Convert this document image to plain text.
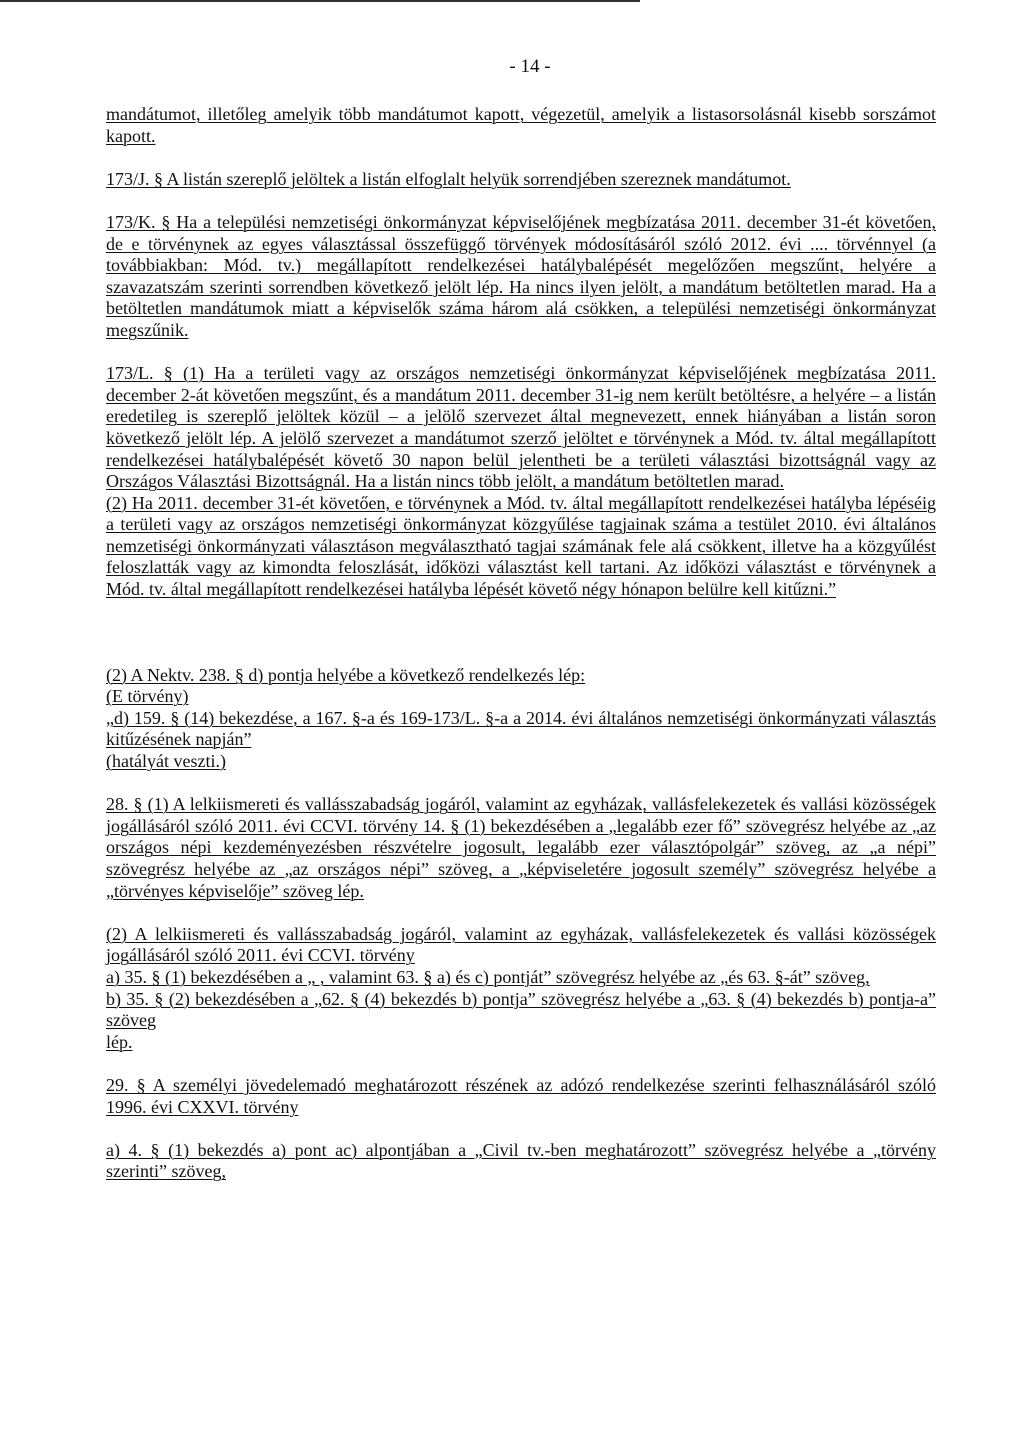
- 14 -

mandátumot, illetőleg amelyik több mandátumot kapott, végezetül, amelyik a listasorsolásnál kisebb sorszámot kapott.

173/J. § A listán szereplő jelöltek a listán elfoglalt helyük sorrendjében szereznek mandátumot.

173/K. § Ha a települési nemzetiségi önkormányzat képviselőjének megbízatása 2011. december 31-ét követően, de e törvénynek az egyes választással összefüggő törvények módosításáról szóló 2012. évi .... törvénnyel (a továbbiakban: Mód. tv.) megállapított rendelkezései hatálybalépését megelőzően megszűnt, helyére a szavazatszám szerinti sorrendben következő jelölt lép. Ha nincs ilyen jelölt, a mandátum betöltetlen marad. Ha a betöltetlen mandátumok miatt a képviselők száma három alá csökken, a települési nemzetiségi önkormányzat megszűnik.

173/L. § (1) Ha a területi vagy az országos nemzetiségi önkormányzat képviselőjének megbízatása 2011. december 2-át követően megszűnt, és a mandátum 2011. december 31-ig nem került betöltésre, a helyére – a listán eredetileg is szereplő jelöltek közül – a jelölő szervezet által megnevezett, ennek hiányában a listán soron következő jelölt lép. A jelölő szervezet a mandátumot szerző jelöltet e törvénynek a Mód. tv. által megállapított rendelkezései hatálybalépését követő 30 napon belül jelentheti be a területi választási bizottságnál vagy az Országos Választási Bizottságnál. Ha a listán nincs több jelölt, a mandátum betöltetlen marad.

(2) Ha 2011. december 31-ét követően, e törvénynek a Mód. tv. által megállapított rendelkezései hatályba lépéséig a területi vagy az országos nemzetiségi önkormányzat közgyűlése tagjainak száma a testület 2010. évi általános nemzetiségi önkormányzati választáson megválasztható tagjai számának fele alá csökkent, illetve ha a közgyűlést feloszlatták vagy az kimondta feloszlását, időközi választást kell tartani. Az időközi választást e törvénynek a Mód. tv. által megállapított rendelkezései hatályba lépését követő négy hónapon belülre kell kitűzni.”

(2) A Nektv. 238. § d) pontja helyébe a következő rendelkezés lép:

(E törvény)

„d) 159. § (14) bekezdése, a 167. §-a és 169-173/L. §-a a 2014. évi általános nemzetiségi önkormányzati választás kitűzésének napján”

(hatályát veszti.)

28. § (1) A lelkiismereti és vallásszabadság jogáról, valamint az egyházak, vallásfelekezetek és vallási közösségek jogállásáról szóló 2011. évi CCVI. törvény 14. § (1) bekezdésében a „legalább ezer fő” szövegrész helyébe az „az országos népi kezdeményezésben részvételre jogosult, legalább ezer választópolgár” szöveg, az „a népi” szövegrész helyébe az „az országos népi” szöveg, a „képviseletére jogosult személy” szövegrész helyébe a „törvényes képviselője” szöveg lép.

(2) A lelkiismereti és vallásszabadság jogáról, valamint az egyházak, vallásfelekezetek és vallási közösségek jogállásáról szóló 2011. évi CCVI. törvény

a) 35. § (1) bekezdésében a „ , valamint 63. § a) és c) pontját” szövegrész helyébe az „és 63. §-át” szöveg,

b) 35. § (2) bekezdésében a „62. § (4) bekezdés b) pontja” szövegrész helyébe a „63. § (4) bekezdés b) pontja-a” szöveg

lép.

29. § A személyi jövedelemadó meghatározott részének az adózó rendelkezése szerinti felhasználásáról szóló 1996. évi CXXVI. törvény

a) 4. § (1) bekezdés a) pont ac) alpontjában a „Civil tv.-ben meghatározott” szövegrész helyébe a „törvény szerinti” szöveg,
